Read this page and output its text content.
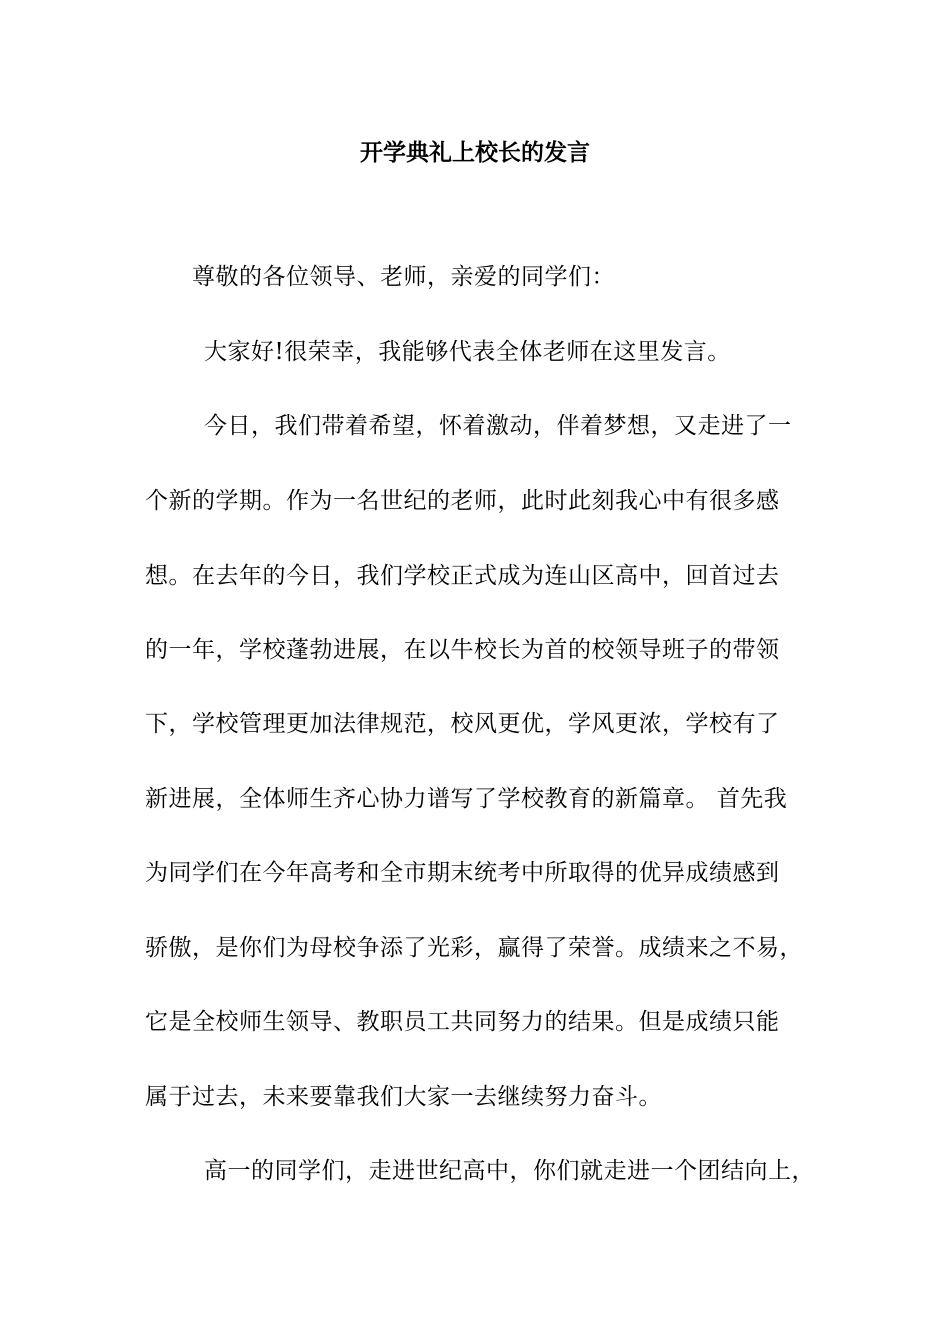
开学典礼上校长的发言
尊敬的各位领导、老师，亲爱的同学们：
大家好!很荣幸，我能够代表全体老师在这里发言。
今日，我们带着希望，怀着激动，伴着梦想，又走进了一
个新的学期。作为一名世纪的老师，此时此刻我心中有很多感
想。在去年的今日，我们学校正式成为连山区高中，回首过去
的一年，学校蓬勃进展，在以牛校长为首的校领导班子的带领
下，学校管理更加法律规范，校风更优，学风更浓，学校有了
新进展，全体师生齐心协力谱写了学校教育的新篇章。 首先我
为同学们在今年高考和全市期末统考中所取得的优异成绩感到
骄傲，是你们为母校争添了光彩，赢得了荣誉。成绩来之不易，
它是全校师生领导、教职员工共同努力的结果。但是成绩只能
属于过去，未来要靠我们大家一去继续努力奋斗。
高一的同学们，走进世纪高中，你们就走进一个团结向上，
